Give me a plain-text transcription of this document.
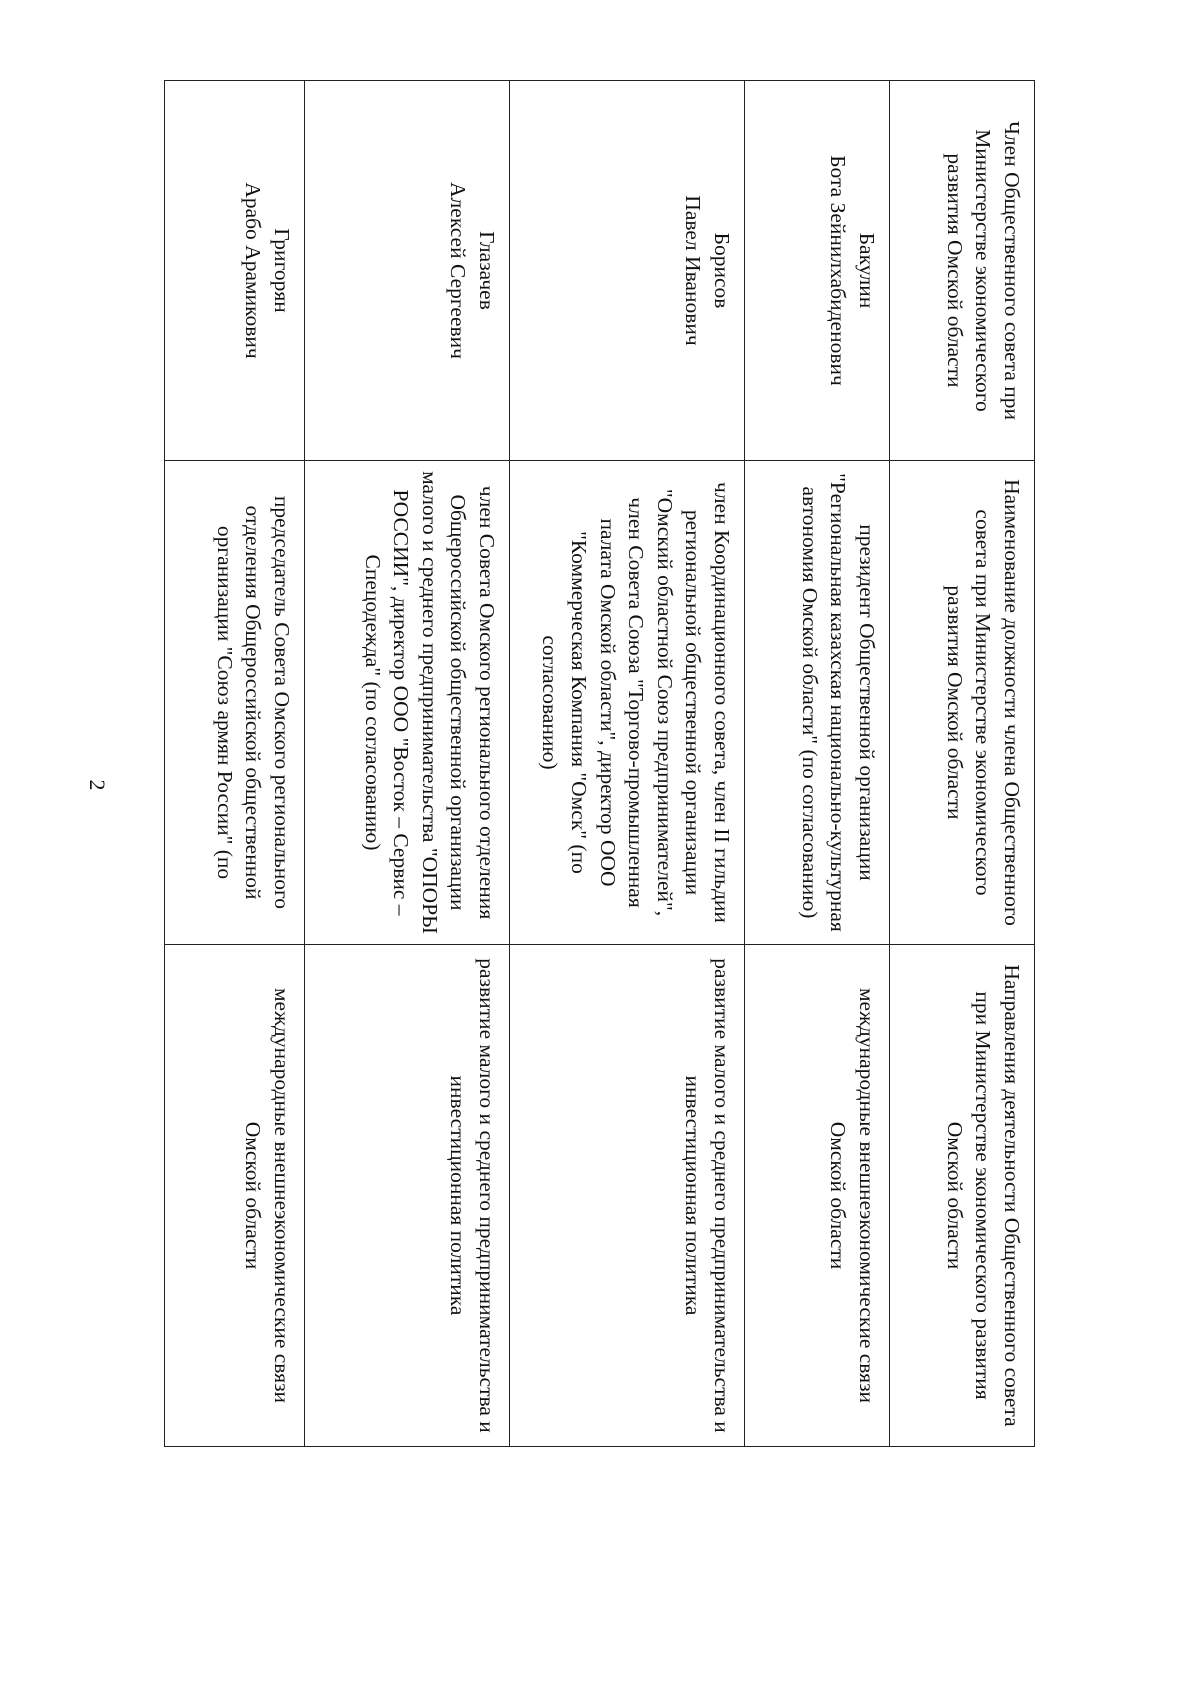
2
Член Общественного совета при Министерстве экономического развития Омской области	Наименование должности члена Общественного совета при Министерстве экономического развития Омской области	Направления деятельности Общественного совета при Министерстве экономического развития Омской области

Бакулин
Бота Зейнилхабиденович	президент Общественной организации "Региональная казахская национально-культурная автономия Омской области" (по согласованию)	международные внешнеэкономические связи Омской области

Борисов
Павел Иванович	член Координационного совета, член II гильдии региональной общественной организации "Омский областной Союз предпринимателей", член Совета Союза "Торгово-промышленная палата Омской области", директор ООО "Коммерческая Компания "Омск" (по согласованию)	развитие малого и среднего предпринимательства и инвестиционная политика

Глазачев
Алексей Сергеевич	член Совета Омского регионального отделения Общероссийской общественной организации малого и среднего предпринимательства "ОПОРЫ РОССИИ", директор ООО "Восток – Сервис – Спецодежда" (по согласованию)	развитие малого и среднего предпринимательства и инвестиционная политика

Григорян
Арабо Арамикович	председатель Совета Омского регионального отделения Общероссийской общественной организации "Союз армян России" (по	международные внешнеэкономические связи Омской области
